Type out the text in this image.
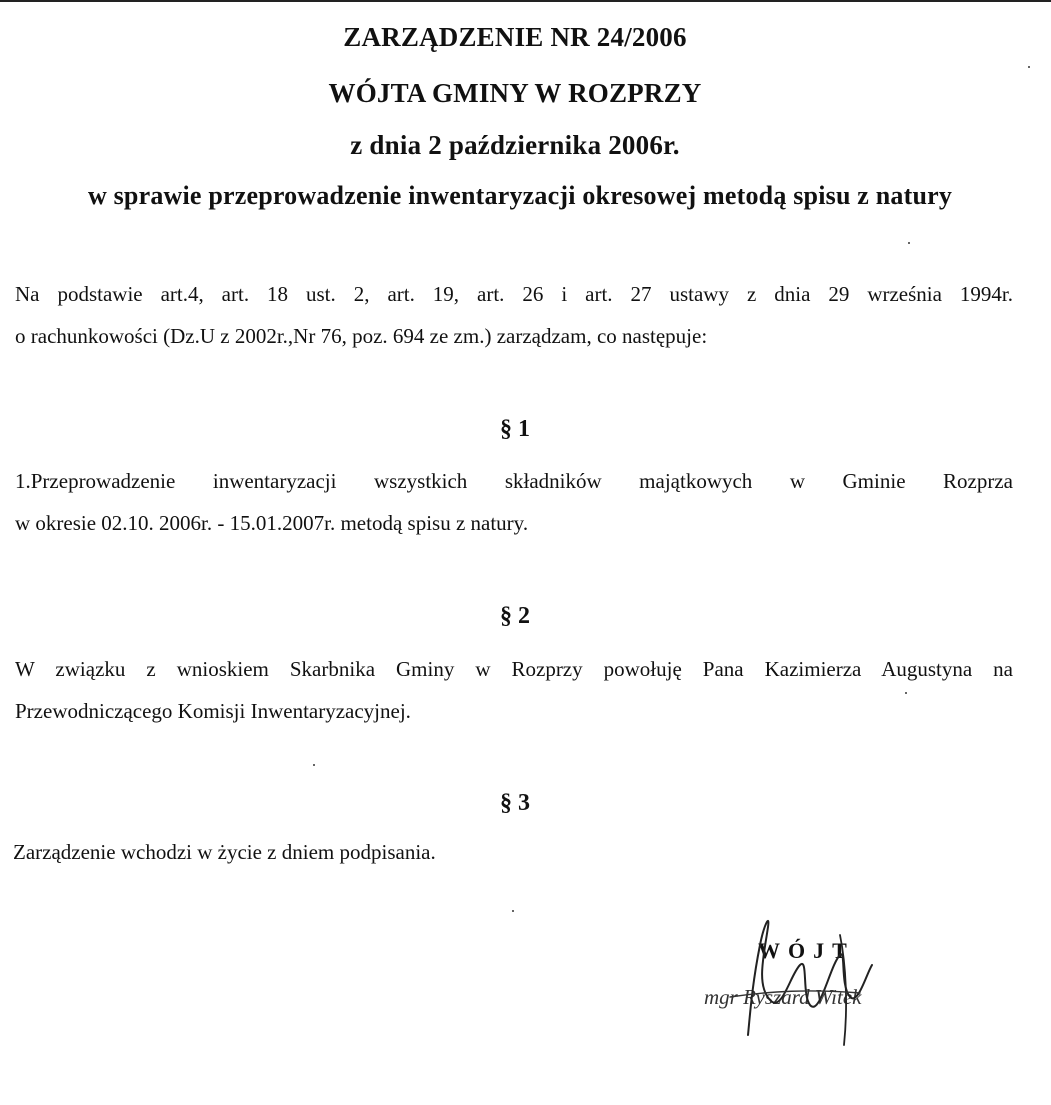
ZARZĄDZENIE NR 24/2006
WÓJTA GMINY W ROZPRZY
z dnia 2 października 2006r.
w sprawie przeprowadzenie inwentaryzacji okresowej metodą spisu z natury
Na podstawie art.4, art. 18 ust. 2, art. 19, art. 26 i art. 27 ustawy z dnia 29 września 1994r.
o rachunkowości (Dz.U z 2002r.,Nr 76, poz. 694 ze zm.) zarządzam, co następuje:
§ 1
1.Przeprowadzenie inwentaryzacji wszystkich składników majątkowych w Gminie Rozprza
w okresie 02.10. 2006r. - 15.01.2007r. metodą spisu z natury.
§ 2
W związku z wnioskiem Skarbnika Gminy w Rozprzy powołuję Pana Kazimierza Augustyna na
Przewodniczącego Komisji Inwentaryzacyjnej.
§ 3
Zarządzenie wchodzi w życie z dniem podpisania.
WÓJT
mgr Ryszard Witek
